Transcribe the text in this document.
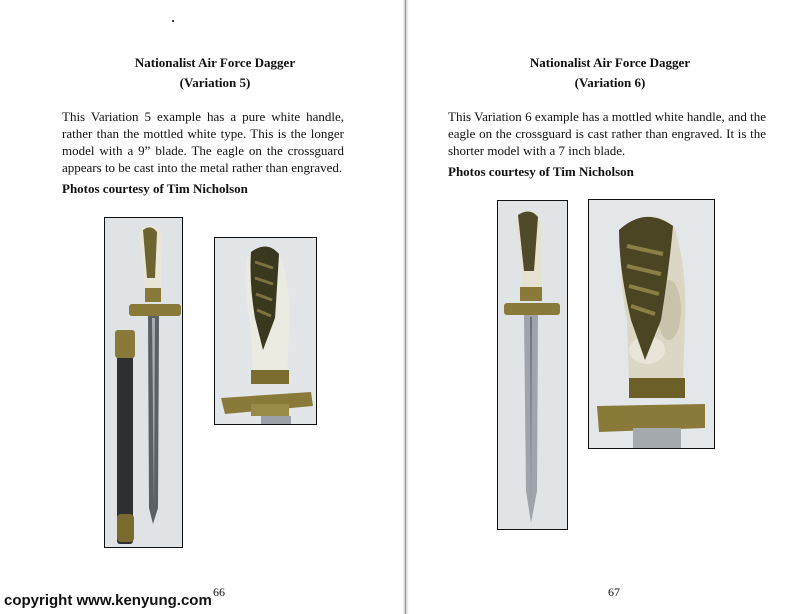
Nationalist Air Force Dagger
(Variation 5)

This Variation 5 example has a pure white handle, rather than the mottled white type. This is the longer model with a 9” blade. The eagle on the crossguard appears to be cast into the metal rather than engraved.

Photos courtesy of Tim Nicholson
66
Nationalist Air Force Dagger
(Variation 6)

This Variation 6 example has a mottled white handle, and the eagle on the crossguard is cast rather than engraved. It is the shorter model with a 7 inch blade.

Photos courtesy of Tim Nicholson
67
copyright www.kenyung.com
